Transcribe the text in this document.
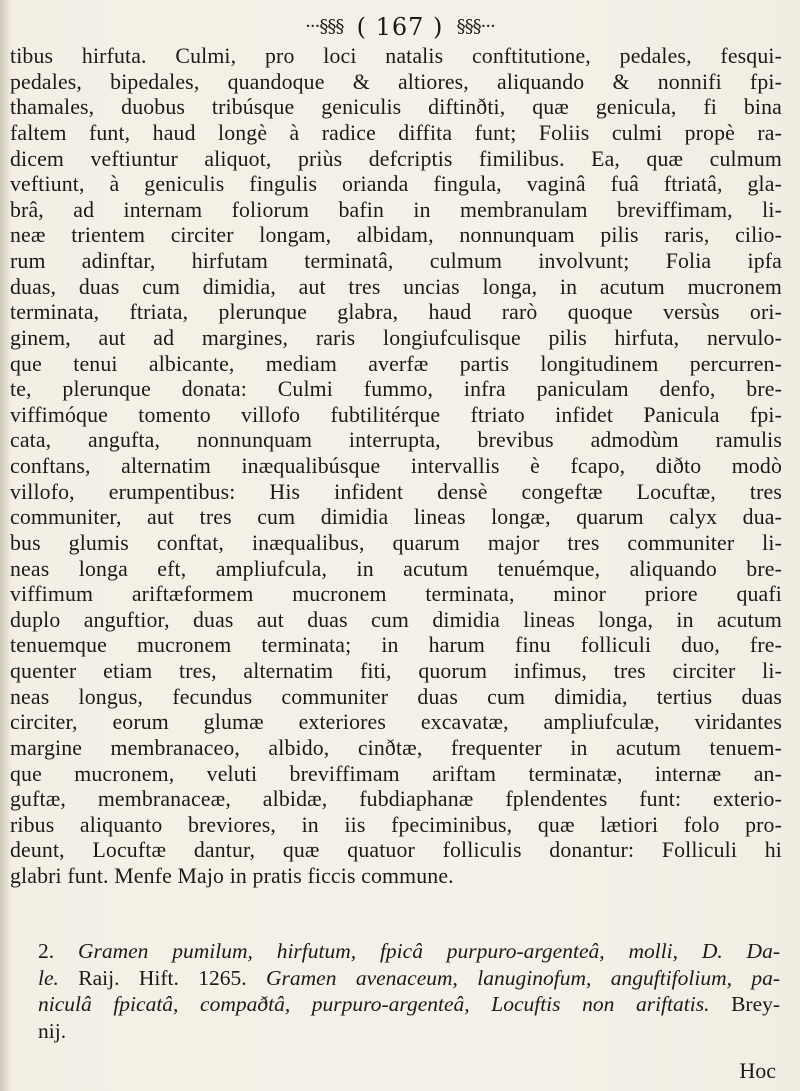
···§§§ ( 167 ) §§§···
tibus hirfuta. Culmi, pro loci natalis conftitutione, pedales, fesqui-
pedales, bipedales, quandoque & altiores, aliquando & nonnifi fpi-
thamales, duobus tribúsque geniculis diftinðti, quæ genicula, fi bina
faltem funt, haud longè à radice diffita funt; Foliis culmi propè ra-
dicem veftiuntur aliquot, priùs defcriptis fimilibus. Ea, quæ culmum
veftiunt, à geniculis fingulis orianda fingula, vaginâ fuâ ftriatâ, gla-
brâ, ad internam foliorum bafin in membranulam breviffimam, li-
neæ trientem circiter longam, albidam, nonnunquam pilis raris, cilio-
rum adinftar, hirfutam terminatâ, culmum involvunt; Folia ipfa
duas, duas cum dimidia, aut tres uncias longa, in acutum mucronem
terminata, ftriata, plerunque glabra, haud rarò quoque versùs ori-
ginem, aut ad margines, raris longiufculisque pilis hirfuta, nervulo-
que tenui albicante, mediam averfæ partis longitudinem percurren-
te, plerunque donata: Culmi fummo, infra paniculam denfo, bre-
viffimóque tomento villofo fubtilitérque ftriato infidet Panicula fpi-
cata, angufta, nonnunquam interrupta, brevibus admodùm ramulis
conftans, alternatim inæqualibúsque intervallis è fcapo, diðto modò
villofo, erumpentibus: His infident densè congeftæ Locuftæ, tres
communiter, aut tres cum dimidia lineas longæ, quarum calyx dua-
bus glumis conftat, inæqualibus, quarum major tres communiter li-
neas longa eft, ampliufcula, in acutum tenuémque, aliquando bre-
viffimum ariftæformem mucronem terminata, minor priore quafi
duplo anguftior, duas aut duas cum dimidia lineas longa, in acutum
tenuemque mucronem terminata; in harum finu folliculi duo, fre-
quenter etiam tres, alternatim fiti, quorum infimus, tres circiter li-
neas longus, fecundus communiter duas cum dimidia, tertius duas
circiter, eorum glumæ exteriores excavatæ, ampliufculæ, viridantes
margine membranaceo, albido, cinðtæ, frequenter in acutum tenuem-
que mucronem, veluti breviffimam ariftam terminatæ, internæ an-
guftæ, membranaceæ, albidæ, fubdiaphanæ fplendentes funt: exterio-
ribus aliquanto breviores, in iis fpeciminibus, quæ lætiori folo pro-
deunt, Locuftæ dantur, quæ quatuor folliculis donantur: Folliculi hi
glabri funt. Menfe Majo in pratis ficcis commune.
2. Gramen pumilum, hirfutum, fpicâ purpuro-argenteâ, molli, D. Da-
le. Raij. Hift. 1265. Gramen avenaceum, lanuginofum, anguftifolium, pa-
niculâ fpicatâ, compaðtâ, purpuro-argenteâ, Locuftis non ariftatis. Brey-
nij.
Hoc
